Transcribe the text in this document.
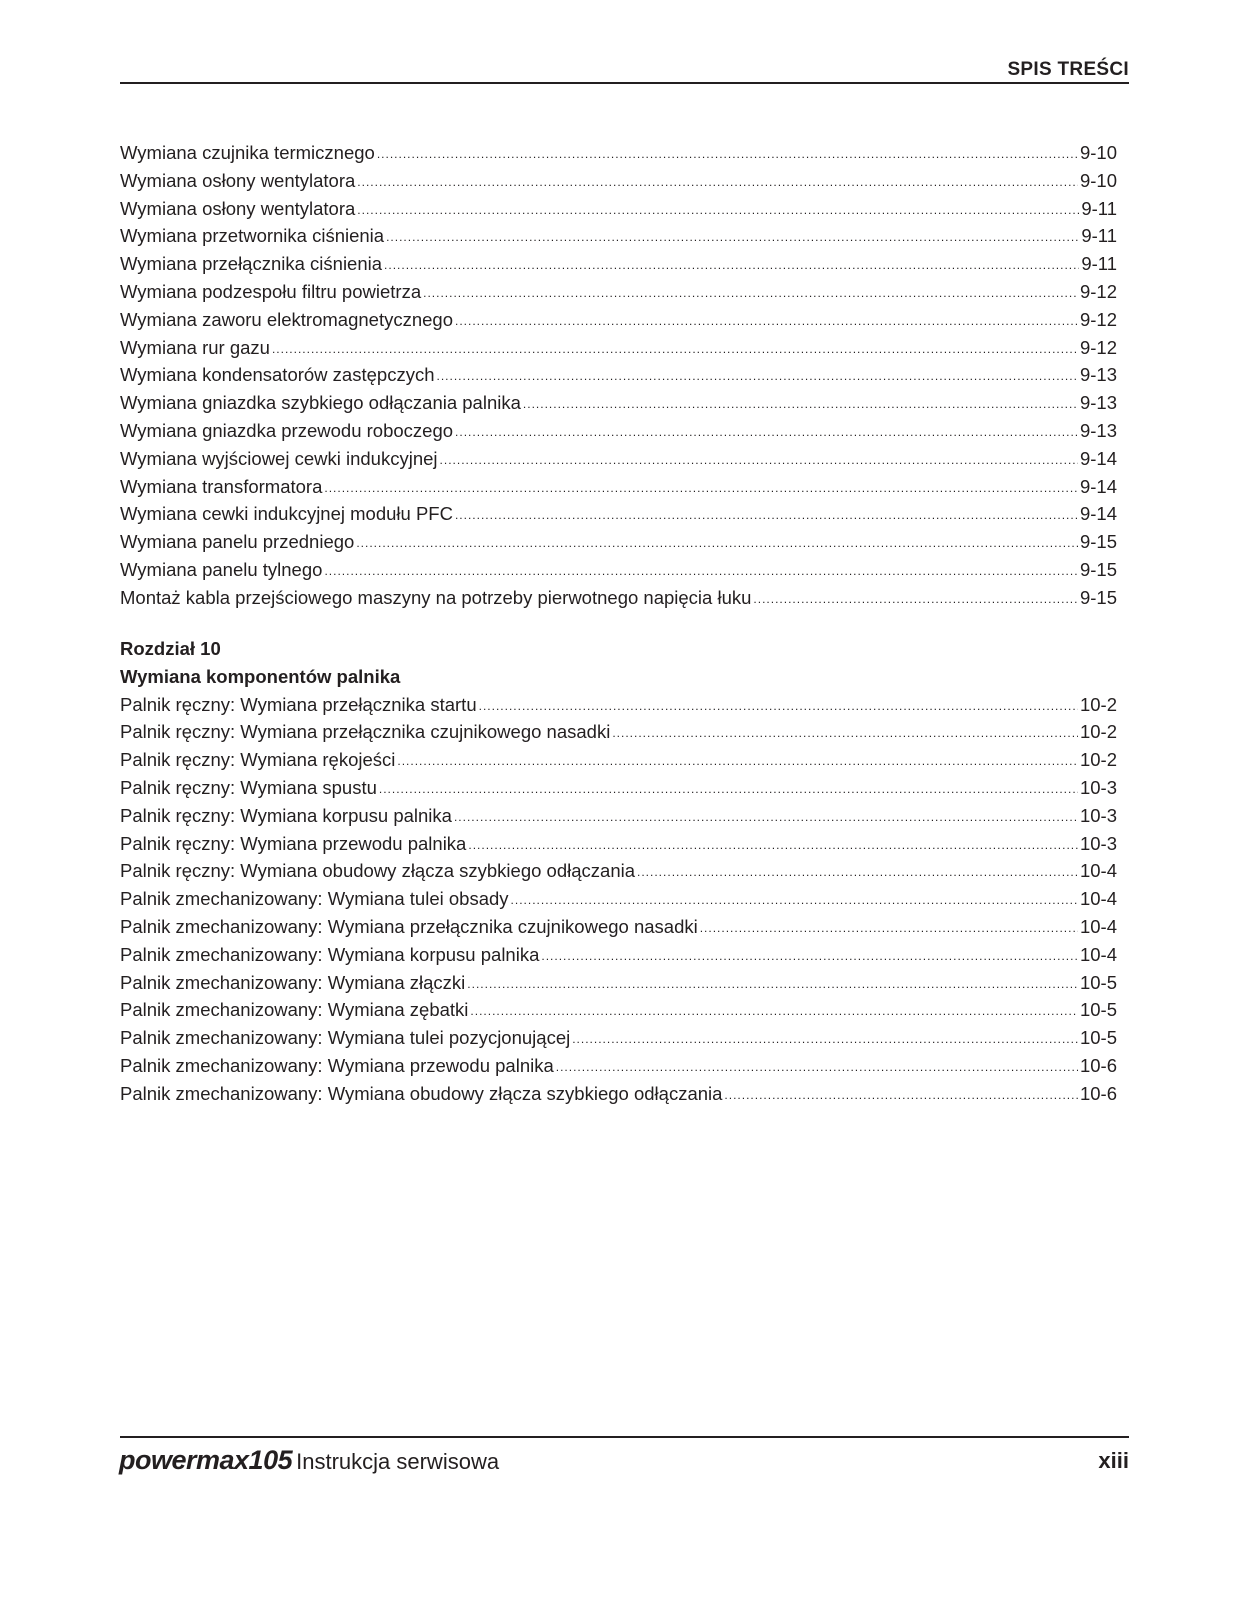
SPIS TREŚCI
Wymiana czujnika termicznego .....	9-10
Wymiana osłony wentylatora .....	9-10
Wymiana osłony wentylatora .....	9-11
Wymiana przetwornika ciśnienia .....	9-11
Wymiana przełącznika ciśnienia .....	9-11
Wymiana podzespołu filtru powietrza .....	9-12
Wymiana zaworu elektromagnetycznego .....	9-12
Wymiana rur gazu .....	9-12
Wymiana kondensatorów zastępczych .....	9-13
Wymiana gniazdka szybkiego odłączania palnika .....	9-13
Wymiana gniazdka przewodu roboczego .....	9-13
Wymiana wyjściowej cewki indukcyjnej .....	9-14
Wymiana transformatora .....	9-14
Wymiana cewki indukcyjnej modułu PFC .....	9-14
Wymiana panelu przedniego .....	9-15
Wymiana panelu tylnego .....	9-15
Montaż kabla przejściowego maszyny na potrzeby pierwotnego napięcia łuku .....	9-15
Rozdział 10
Wymiana komponentów palnika
Palnik ręczny: Wymiana przełącznika startu .....	10-2
Palnik ręczny: Wymiana przełącznika czujnikowego nasadki .....	10-2
Palnik ręczny: Wymiana rękojeści .....	10-2
Palnik ręczny: Wymiana spustu .....	10-3
Palnik ręczny: Wymiana korpusu palnika .....	10-3
Palnik ręczny: Wymiana przewodu palnika .....	10-3
Palnik ręczny: Wymiana obudowy złącza szybkiego odłączania .....	10-4
Palnik zmechanizowany: Wymiana tulei obsady .....	10-4
Palnik zmechanizowany: Wymiana przełącznika czujnikowego nasadki .....	10-4
Palnik zmechanizowany: Wymiana korpusu palnika .....	10-4
Palnik zmechanizowany: Wymiana złączki .....	10-5
Palnik zmechanizowany: Wymiana zębatki .....	10-5
Palnik zmechanizowany: Wymiana tulei pozycjonującej .....	10-5
Palnik zmechanizowany: Wymiana przewodu palnika .....	10-6
Palnik zmechanizowany: Wymiana obudowy złącza szybkiego odłączania .....	10-6
powermax105 Instrukcja serwisowa	xiii
